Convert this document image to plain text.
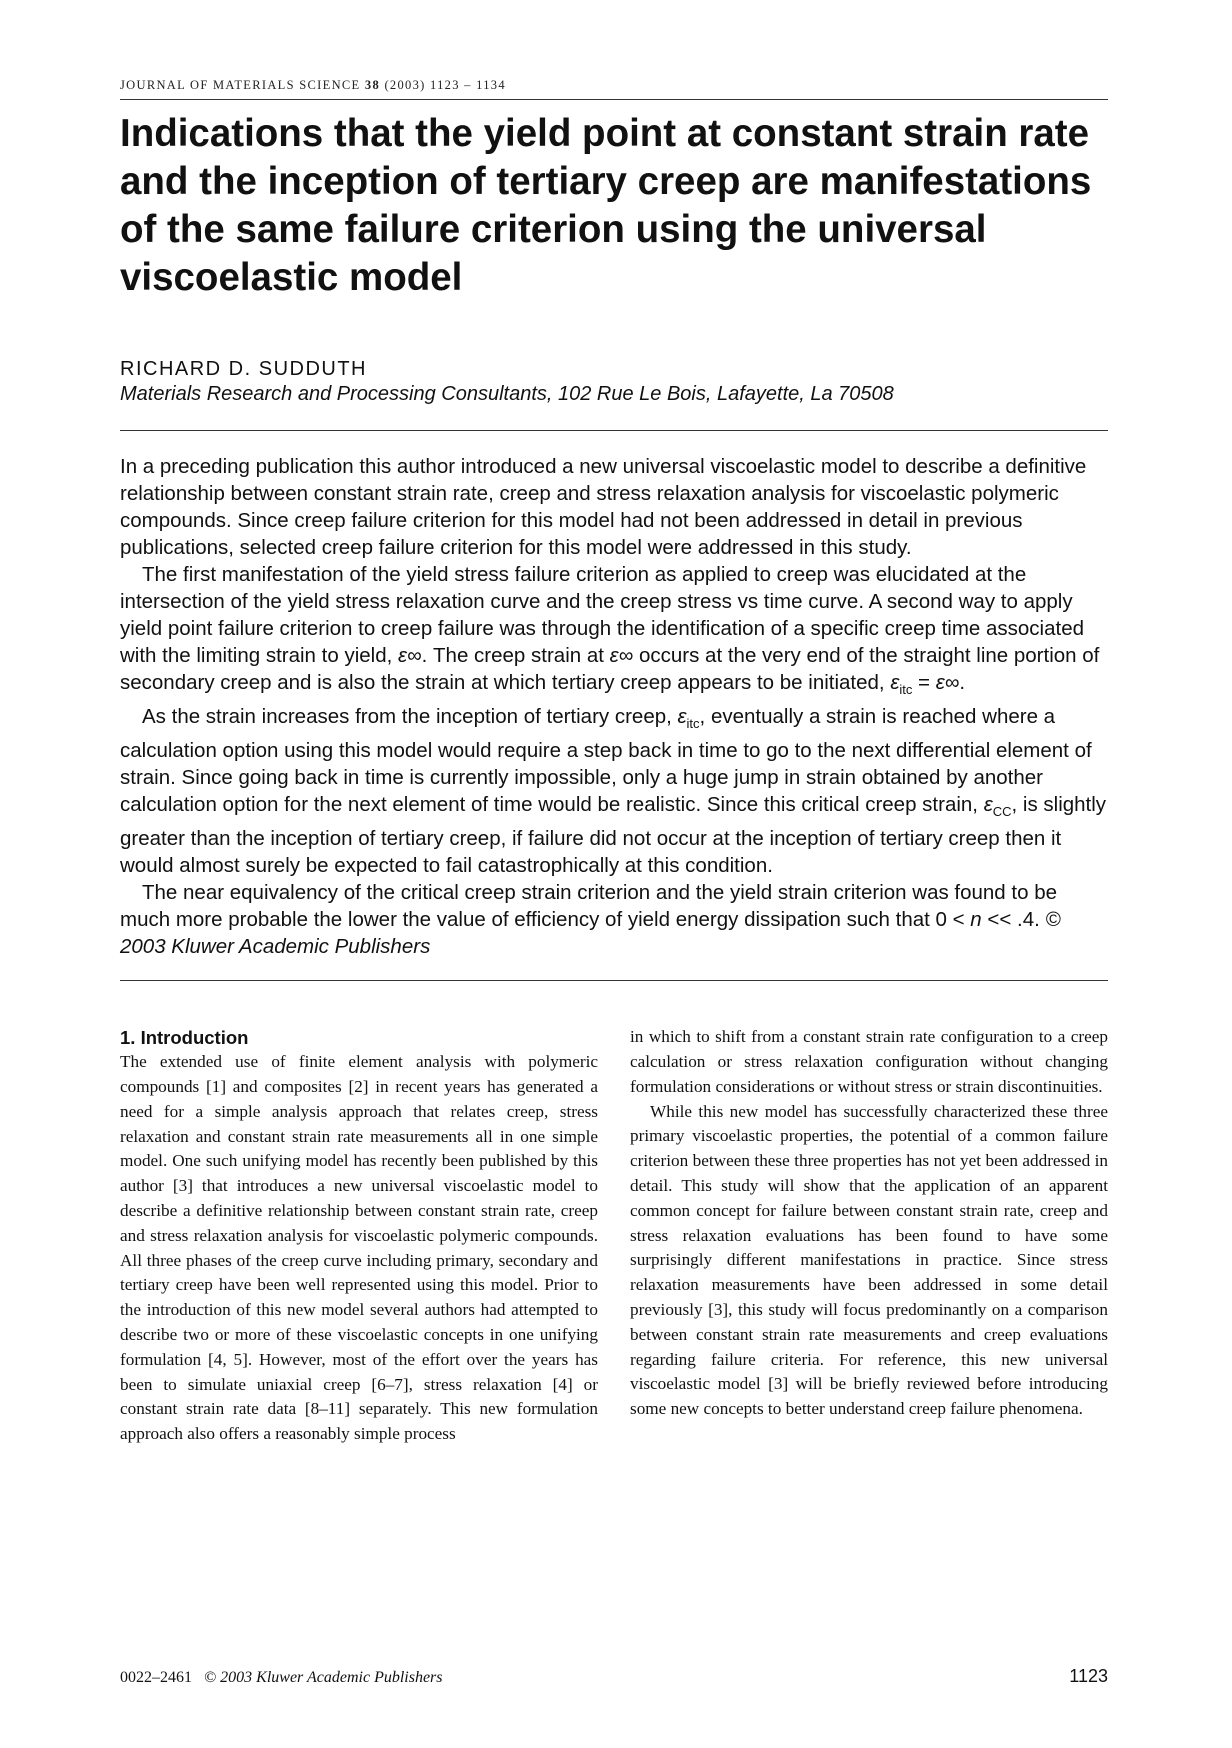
JOURNAL OF MATERIALS SCIENCE 38 (2003) 1123 – 1134
Indications that the yield point at constant strain rate and the inception of tertiary creep are manifestations of the same failure criterion using the universal viscoelastic model
RICHARD D. SUDDUTH
Materials Research and Processing Consultants, 102 Rue Le Bois, Lafayette, La 70508

In a preceding publication this author introduced a new universal viscoelastic model to describe a definitive relationship between constant strain rate, creep and stress relaxation analysis for viscoelastic polymeric compounds. Since creep failure criterion for this model had not been addressed in detail in previous publications, selected creep failure criterion for this model were addressed in this study.

The first manifestation of the yield stress failure criterion as applied to creep was elucidated at the intersection of the yield stress relaxation curve and the creep stress vs time curve. A second way to apply yield point failure criterion to creep failure was through the identification of a specific creep time associated with the limiting strain to yield, ε∞. The creep strain at ε∞ occurs at the very end of the straight line portion of secondary creep and is also the strain at which tertiary creep appears to be initiated, $\varepsilon_{itc} = \varepsilon\infty$.

As the strain increases from the inception of tertiary creep, $\varepsilon_{itc}$, eventually a strain is reached where a calculation option using this model would require a step back in time to go to the next differential element of strain. Since going back in time is currently impossible, only a huge jump in strain obtained by another calculation option for the next element of time would be realistic. Since this critical creep strain, $\varepsilon_{CC}$, is slightly greater than the inception of tertiary creep, if failure did not occur at the inception of tertiary creep then it would almost surely be expected to fail catastrophically at this condition.

The near equivalency of the critical creep strain criterion and the yield strain criterion was found to be much more probable the lower the value of efficiency of yield energy dissipation such that 0 < n << .4. © 2003 Kluwer Academic Publishers

1. Introduction

The extended use of finite element analysis with polymeric compounds [1] and composites [2] in recent years has generated a need for a simple analysis approach that relates creep, stress relaxation and constant strain rate measurements all in one simple model. One such unifying model has recently been published by this author [3] that introduces a new universal viscoelastic model to describe a definitive relationship between constant strain rate, creep and stress relaxation analysis for viscoelastic polymeric compounds. All three phases of the creep curve including primary, secondary and tertiary creep have been well represented using this model. Prior to the introduction of this new model several authors had attempted to describe two or more of these viscoelastic concepts in one unifying formulation [4, 5]. However, most of the effort over the years has been to simulate uniaxial creep [6–7], stress relaxation [4] or constant strain rate data [8–11] separately. This new formulation approach also offers a reasonably simple process

in which to shift from a constant strain rate configuration to a creep calculation or stress relaxation configuration without changing formulation considerations or without stress or strain discontinuities.

While this new model has successfully characterized these three primary viscoelastic properties, the potential of a common failure criterion between these three properties has not yet been addressed in detail. This study will show that the application of an apparent common concept for failure between constant strain rate, creep and stress relaxation evaluations has been found to have some surprisingly different manifestations in practice. Since stress relaxation measurements have been addressed in some detail previously [3], this study will focus predominantly on a comparison between constant strain rate measurements and creep evaluations regarding failure criteria. For reference, this new universal viscoelastic model [3] will be briefly reviewed before introducing some new concepts to better understand creep failure phenomena.

0022–2461 © 2003 Kluwer Academic Publishers	1123
